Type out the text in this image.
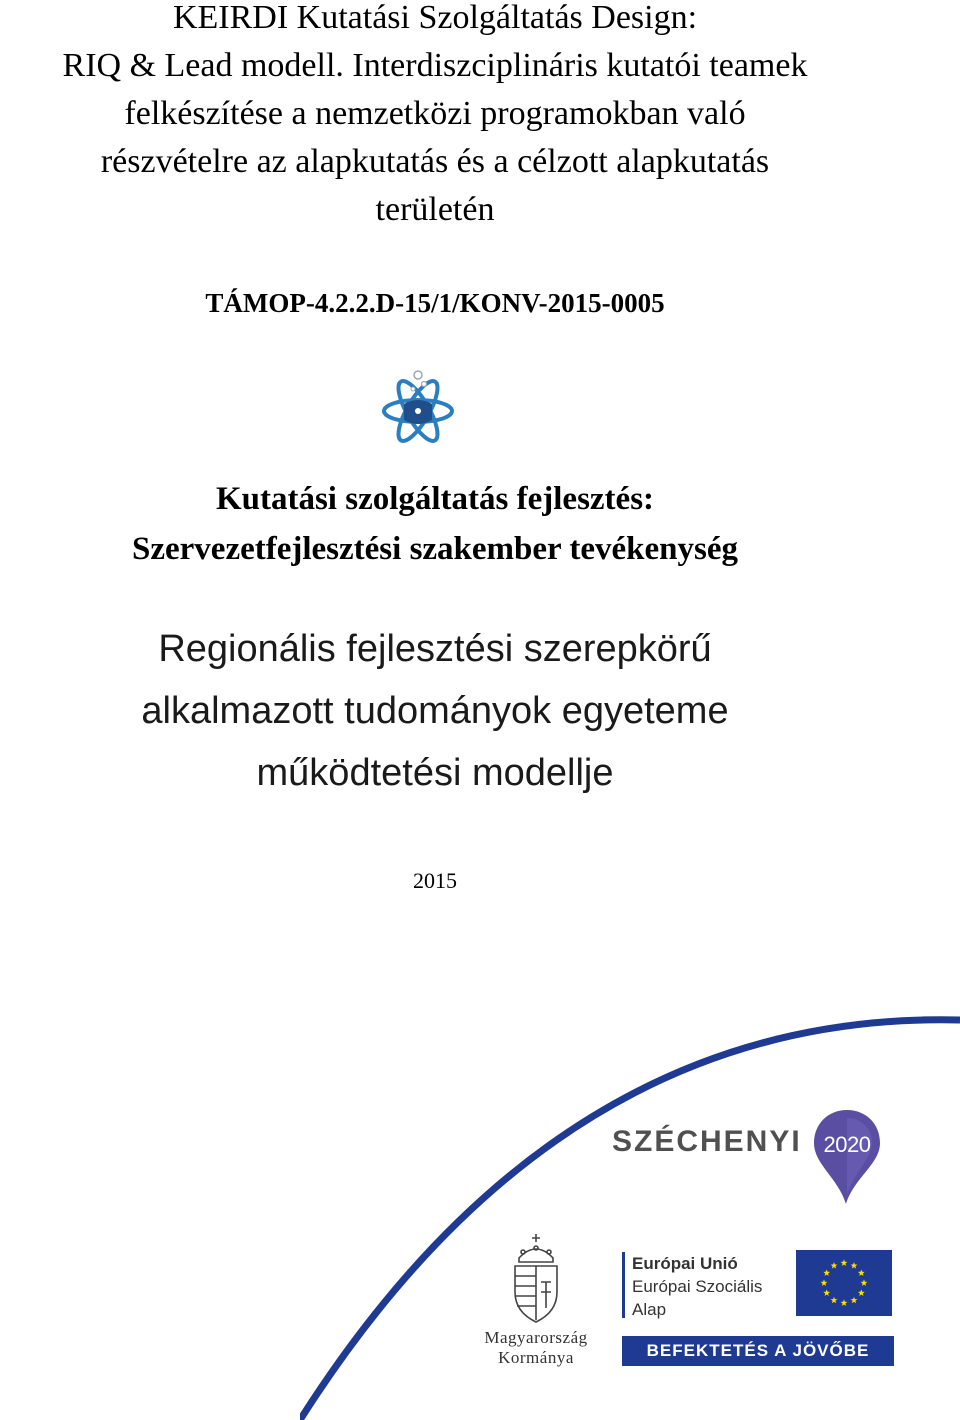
KEIRDI Kutatási Szolgáltatás Design:
RIQ & Lead modell. Interdiszciplináris kutatói teamek
felkészítése a nemzetközi programokban való
részvételre az alapkutatás és a célzott alapkutatás
területén
TÁMOP-4.2.2.D-15/1/KONV-2015-0005
Kutatási szolgáltatás fejlesztés:
Szervezetfejlesztési szakember tevékenység
Regionális fejlesztési szerepkörű
alkalmazott tudományok egyeteme
működtetési modellje
2015
SZÉCHENYI 2020
Magyarország
Kormánya
Európai Unió
Európai Szociális
Alap
BEFEKTETÉS A JÖVŐBE
